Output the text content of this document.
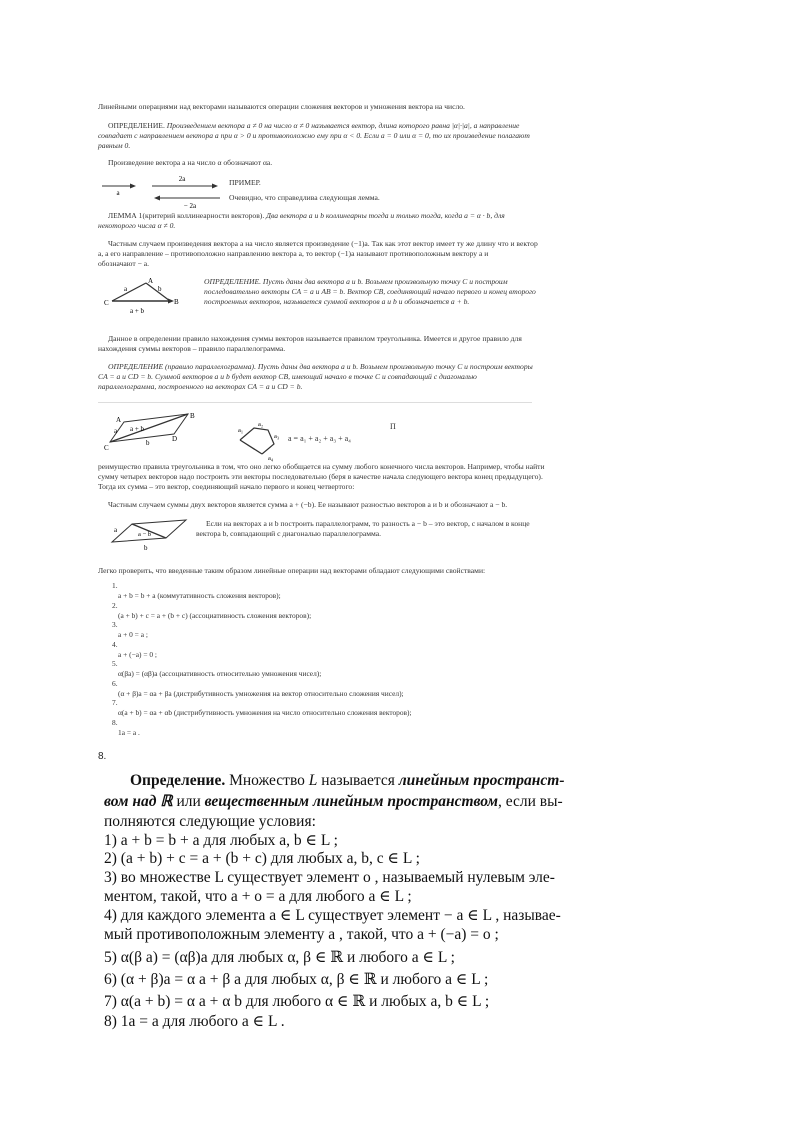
Линейными операциями над векторами называются операции сложения векторов и умножения вектора на число.
ОПРЕДЕЛЕНИЕ. Произведением вектора a ≠ 0 на число α ≠ 0 называется вектор, длина которого равна |α|·|a|, а направление
совпадает с направлением вектора a при α > 0 и противоположно ему при α < 0. Если a = 0 или α = 0, то их произведение полагают
равным 0.
Произведение вектора a на число α обозначают αa.
a
2a
− 2a
ПРИМЕР.
Очевидно, что справедлива следующая лемма.
ЛЕММА 1(критерий коллинеарности векторов). Два вектора a и b коллинеарны тогда и только тогда, когда a = α · b, для
некоторого числа α ≠ 0.
Частным случаем произведения вектора a на число является произведение (−1)a. Так как этот вектор имеет ту же длину что и вектор
a, а его направление – противоположно направлению вектора a, то вектор (−1)a называют противоположным вектору a и
обозначают − a.
A
B
C
a	b
a + b
ОПРЕДЕЛЕНИЕ. Пусть даны два вектора a и b. Возьмем произвольную точку C и построим
последовательно векторы CA = a и AB = b. Вектор CB, соединяющий начало первого и конец второго
построенных векторов, называется суммой векторов a и b и обозначается a + b.
Данное в определении правило нахождения суммы векторов называется правилом треугольника. Имеется и другое правило для
нахождения суммы векторов – правило параллелограмма.
ОПРЕДЕЛЕНИЕ (правило параллелограмма). Пусть даны два вектора a и b. Возьмем произвольную точку C и построим векторы
CA = a и CD = b. Суммой векторов a и b будет вектор CB, имеющий начало в точке C и совпадающий с диагональю
параллелограмма, построенного на векторах CA = a и CD = b.
A	B
C
D
a
b
a + b	a₁
a₂
a₃
a₄
a = a₁ + a₂ + a₃ + a₄
П
реимущество правила треугольника в том, что оно легко обобщается на сумму любого конечного числа векторов. Например, чтобы найти
сумму четырех векторов надо построить эти векторы последовательно (беря в качестве начала следующего вектора конец предыдущего).
Тогда их сумма – это вектор, соединяющий начало первого и конец четвертого:
Частным случаем суммы двух векторов является сумма a + (−b). Ее называют разностью векторов a и b и обозначают a − b.
a
b
a − b
Если на векторах a и b построить параллелограмм, то разность a − b – это вектор, с началом в конце
вектора b, совпадающий с диагональю параллелограмма.
Легко проверить, что введенные таким образом линейные операции над векторами обладают следующими свойствами:
1.
a + b = b + a (коммутативность сложения векторов);
2.
(a + b) + c = a + (b + c) (ассоциативность сложения векторов);
3.
a + 0 = a ;
4.
a + (−a) = 0 ;
5.
α(βa) = (αβ)a (ассоциативность относительно умножения чисел);
6.
(α + β)a = αa + βa (дистрибутивность умножения на вектор относительно сложения чисел);
7.
α(a + b) = αa + αb (дистрибутивность умножения на число относительно сложения векторов);
8.
1a = a .
8.
Определение. Множество L называется линейным пространст-
вом над ℝ или вещественным линейным пространством, если вы-
полняются следующие условия:
1) a + b = b + a для любых a, b ∈ L ;
2) (a + b) + c = a + (b + c) для любых a, b, c ∈ L ;
3) во множестве L существует элемент o , называемый нулевым эле-
ментом, такой, что a + o = a для любого a ∈ L ;
4) для каждого элемента a ∈ L существует элемент − a ∈ L , называе-
мый противоположным элементу a , такой, что a + (−a) = o ;
5) α(β a) = (αβ)a для любых α, β ∈ ℝ и любого a ∈ L ;
6) (α + β)a = α a + β a для любых α, β ∈ ℝ и любого a ∈ L ;
7) α(a + b) = α a + α b для любого α ∈ ℝ и любых a, b ∈ L ;
8) 1a = a для любого a ∈ L .
